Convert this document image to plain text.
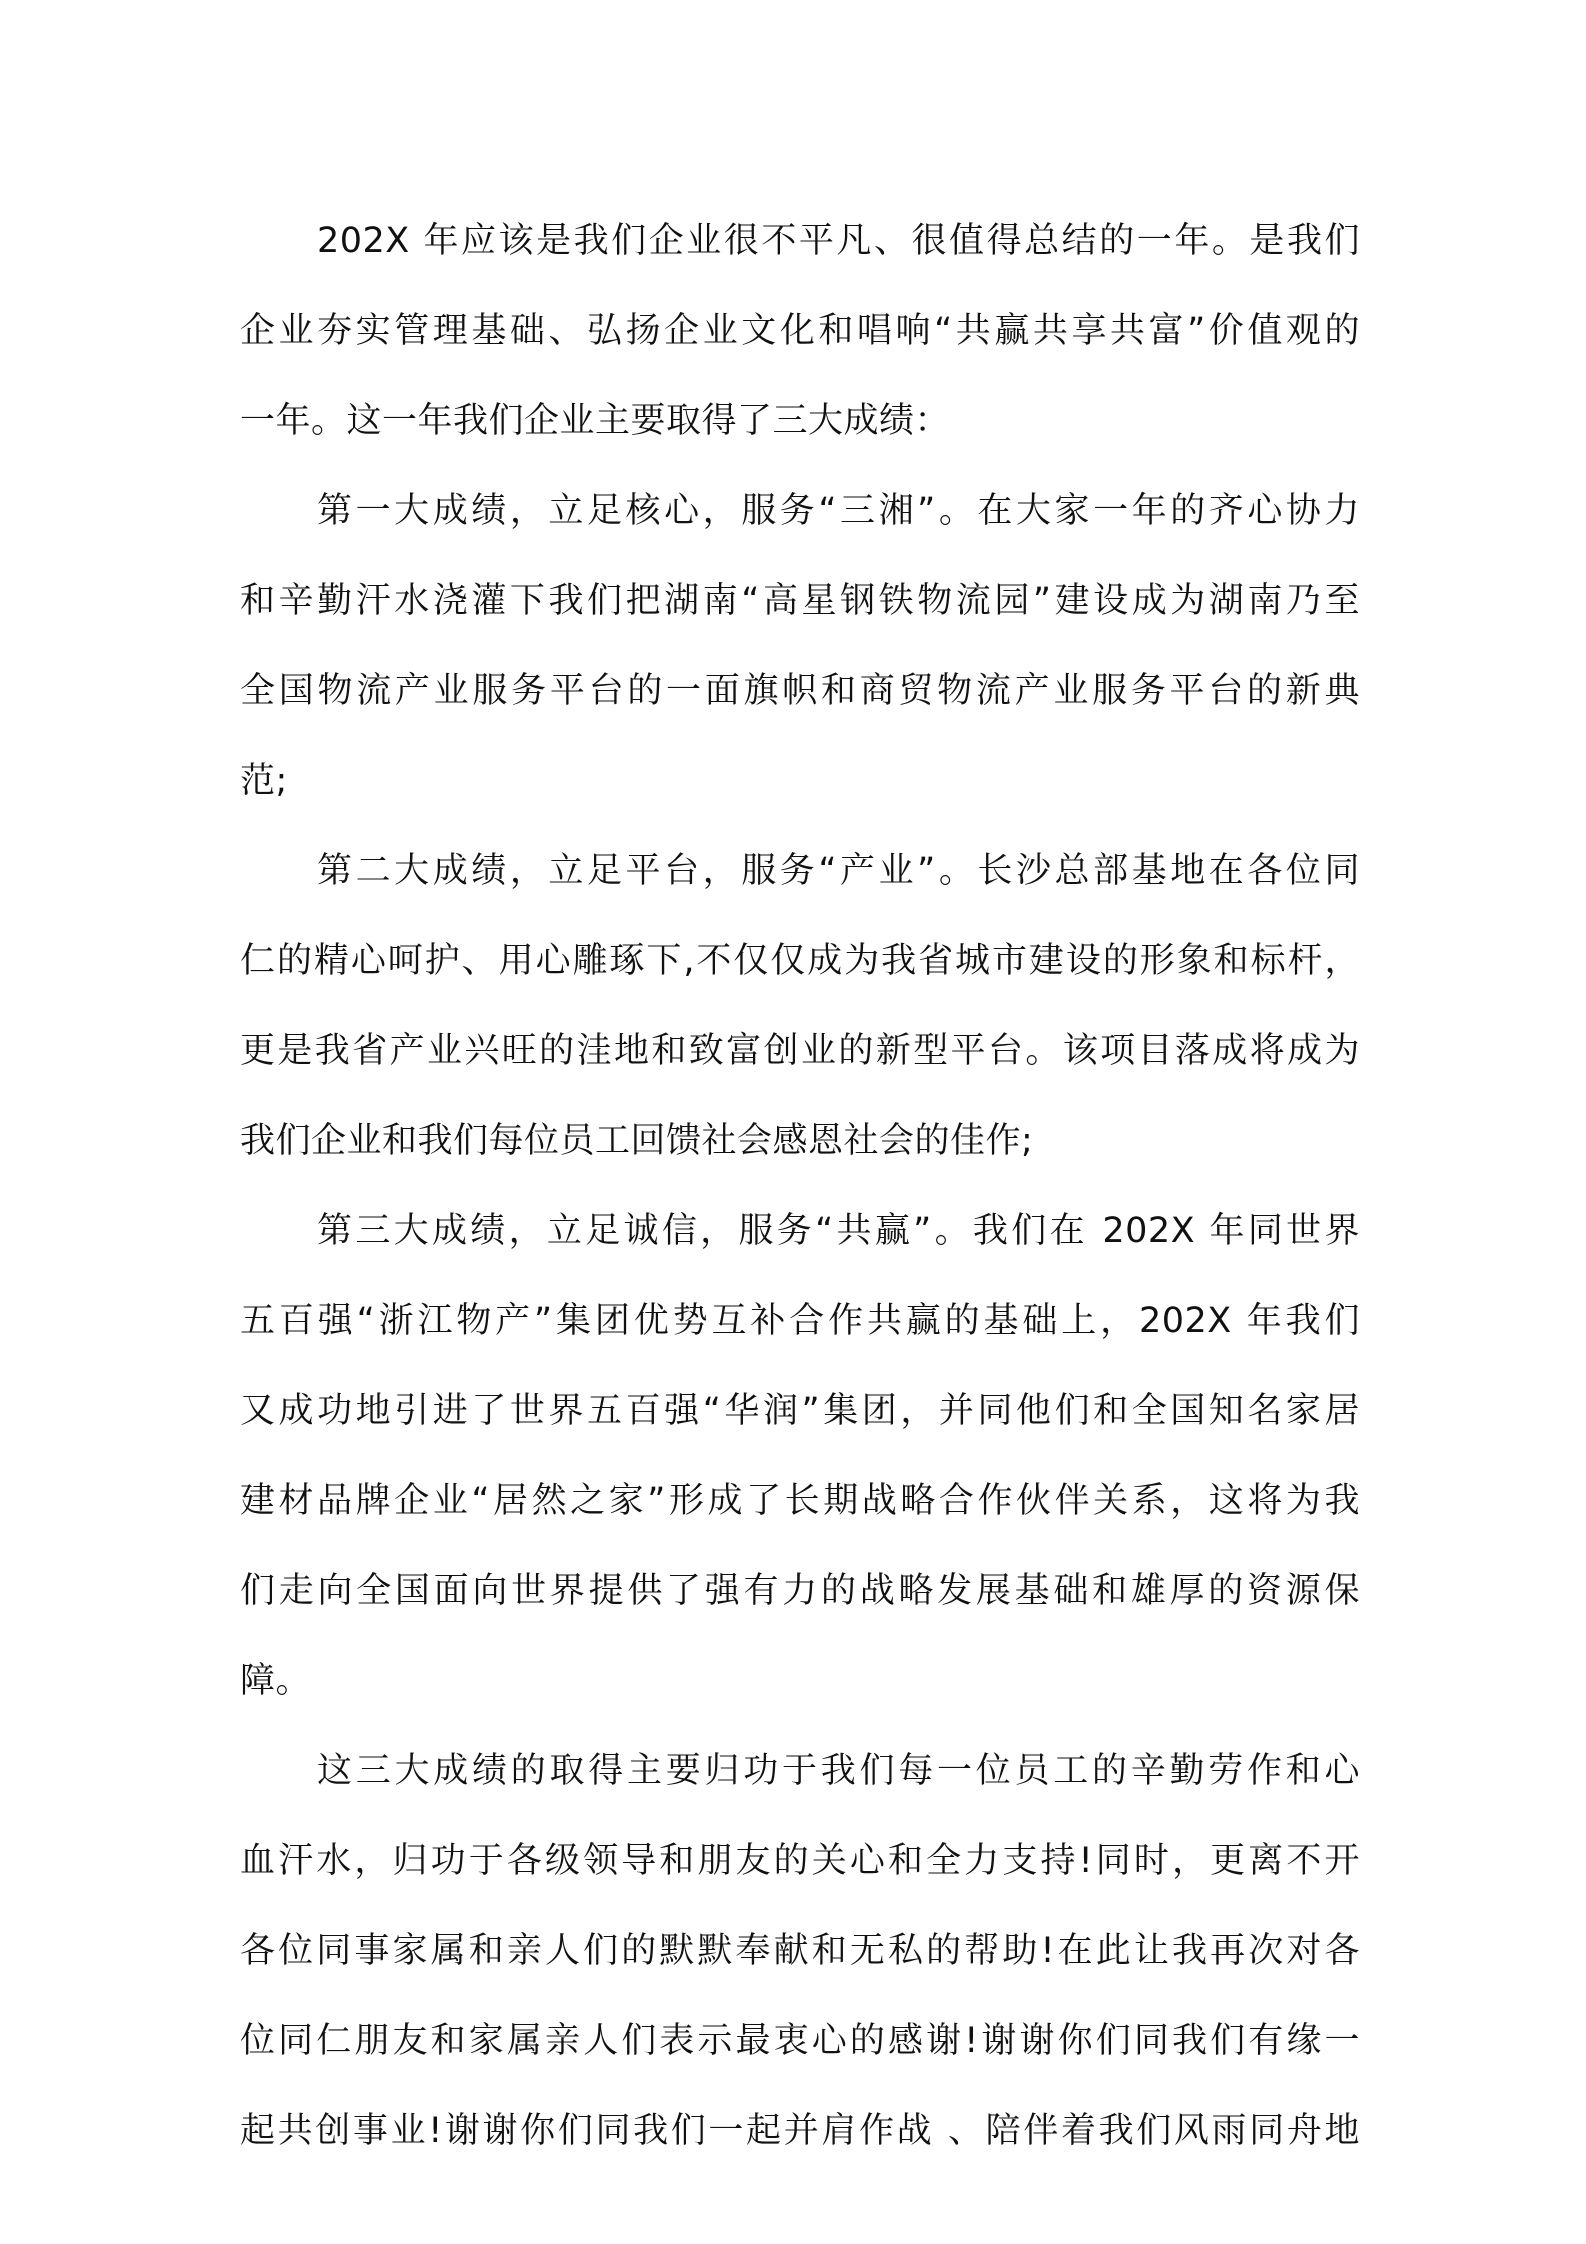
202X 年应该是我们企业很不平凡、很值得总结的一年。是我们
企业夯实管理基础、弘扬企业文化和唱响“共赢共享共富”价值观的
一年。这一年我们企业主要取得了三大成绩：
第一大成绩，立足核心，服务“三湘”。在大家一年的齐心协力
和辛勤汗水浇灌下我们把湖南“高星钢铁物流园”建设成为湖南乃至
全国物流产业服务平台的一面旗帜和商贸物流产业服务平台的新典
范;
第二大成绩，立足平台，服务“产业”。长沙总部基地在各位同
仁的精心呵护、用心雕琢下,不仅仅成为我省城市建设的形象和标杆，
更是我省产业兴旺的洼地和致富创业的新型平台。该项目落成将成为
我们企业和我们每位员工回馈社会感恩社会的佳作;
第三大成绩，立足诚信，服务“共赢”。我们在 202X 年同世界
五百强“浙江物产”集团优势互补合作共赢的基础上，202X 年我们
又成功地引进了世界五百强“华润”集团，并同他们和全国知名家居
建材品牌企业“居然之家”形成了长期战略合作伙伴关系，这将为我
们走向全国面向世界提供了强有力的战略发展基础和雄厚的资源保
障。
这三大成绩的取得主要归功于我们每一位员工的辛勤劳作和心
血汗水，归功于各级领导和朋友的关心和全力支持!同时，更离不开
各位同事家属和亲人们的默默奉献和无私的帮助!在此让我再次对各
位同仁朋友和家属亲人们表示最衷心的感谢!谢谢你们同我们有缘一
起共创事业!谢谢你们同我们一起并肩作战 、陪伴着我们风雨同舟地
